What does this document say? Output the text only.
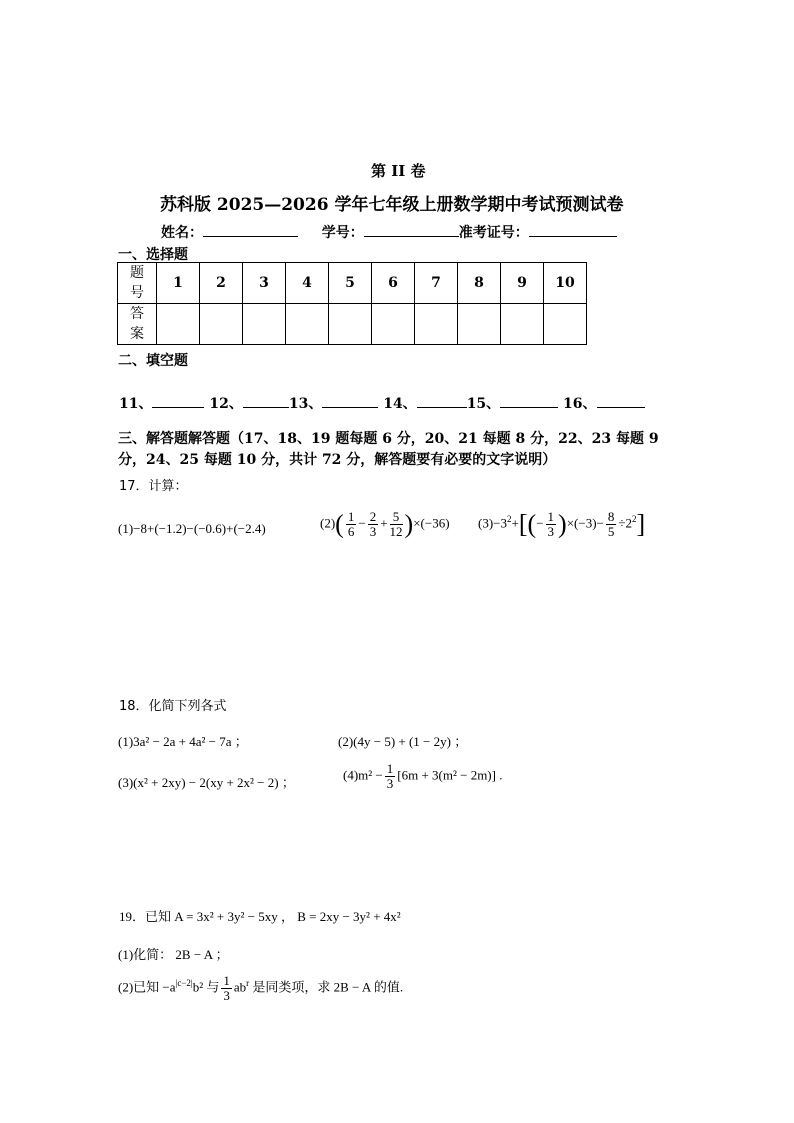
第 II 卷
苏科版 2025—2026 学年七年级上册数学期中考试预测试卷
姓名：	学号：	准考证号：
一、选择题
题
号	1	2	3	4	5	6	7	8	9	10
答
案										
二、填空题
11、	12、	13、	14、	15、	16、
三、解答题解答题（17、18、19 题每题 6 分，20、21 每题 8 分，22、23 每题 9
分，24、25 每题 10 分，共计 72 分，解答题要有必要的文字说明）
17．计算：
(1)−8+(−1.2)−(−0.6)+(−2.4)	$(2)( \frac{1}{6} - \frac{2}{3} + \frac{5}{12} )\times(-36)$ $(3)-3^2+[(- \frac{1}{3} )\times(-3)- \frac{8}{5} \div 2^2]$
18．化简下列各式
(1)3a² − 2a + 4a² − 7a ；	(2)(4y − 5) + (1 − 2y) ；
(3)(x² + 2xy) − 2(xy + 2x² − 2) ；
$(4)m^2 - \frac{1}{3} [6m + 3(m^2 - 2m)]$ .
19．已知 A = 3x² + 3y² − 5xy ， B = 2xy − 3y² + 4x²
(1)化简： 2B − A ；
(2)已知 $-a^{|c-2|}b^2$ 与 $\frac{1}{3} ab^r$ 是同类项，求 2B − A 的值.
